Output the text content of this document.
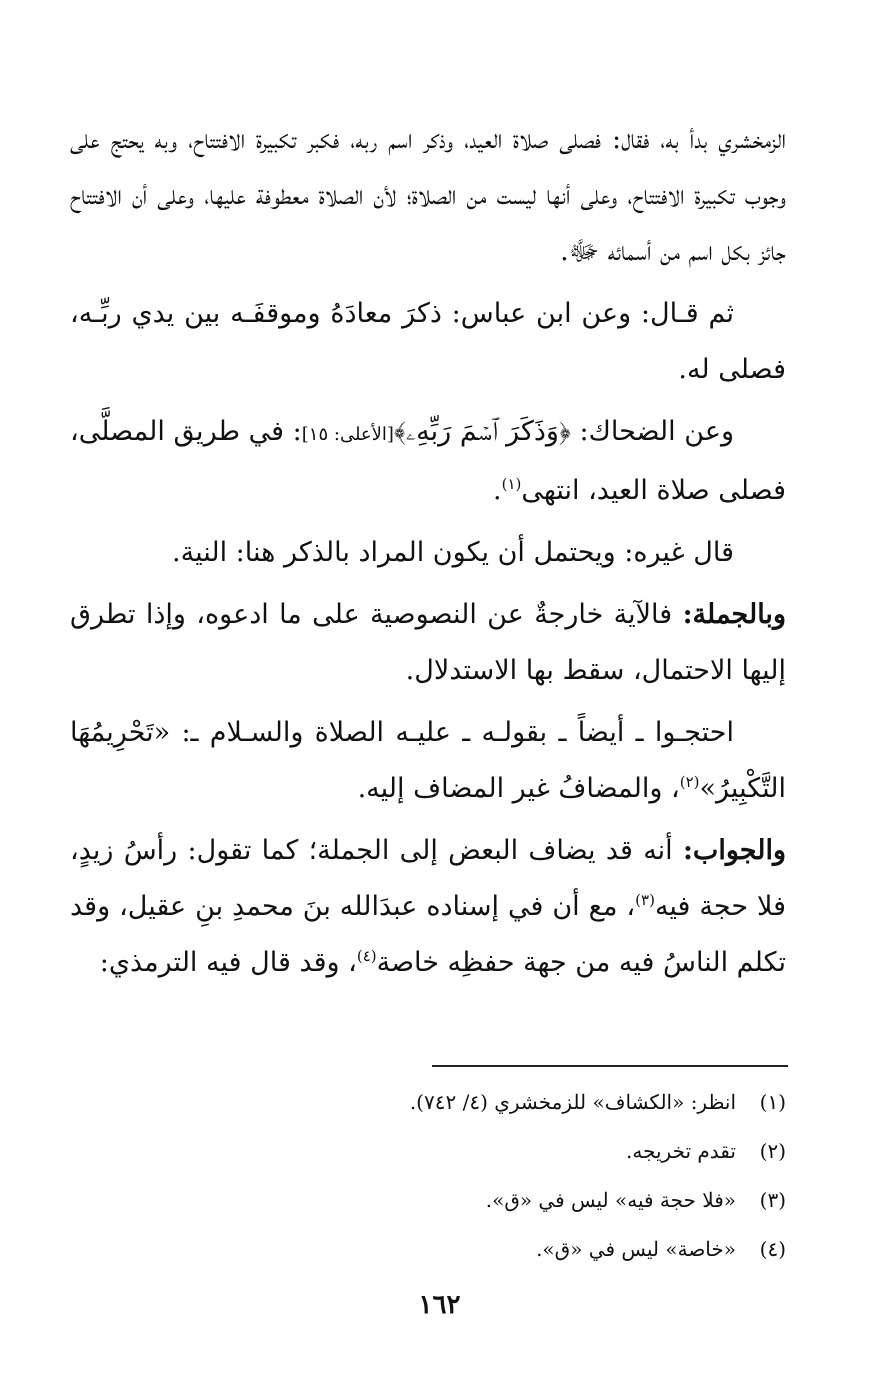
الزمخشري بدأ به، فقال: فصلى صلاة العيد، وذكر اسم ربه، فكبر تكبيرة الافتتاح، وبه يحتج على وجوب تكبيرة الافتتاح، وعلى أنها ليست من الصلاة؛ لأن الصلاة معطوفة عليها، وعلى أن الافتتاح جائز بكل اسم من أسمائه ﷻ.

ثم قـال: وعن ابن عباس: ذكرَ معادَهُ وموقفَـه بين يدي ربِّـه، فصلى له.

وعن الضحاك: ﴿وَذَكَرَ ٱسۡمَ رَبِّهِۦ﴾[الأعلى: ١٥]: في طريق المصلَّى، فصلى صلاة العيد، انتهى$^{(١)}$.

قال غيره: ويحتمل أن يكون المراد بالذكر هنا: النية.

وبالجملة: فالآية خارجةٌ عن النصوصية على ما ادعوه، وإذا تطرق إليها الاحتمال، سقط بها الاستدلال.

احتجـوا ـ أيضاً ـ بقولـه ـ عليـه الصلاة والسـلام ـ: «تَحْرِيمُهَا التَّكْبِيرُ»$^{(٢)}$، والمضافُ غير المضاف إليه.

والجواب: أنه قد يضاف البعض إلى الجملة؛ كما تقول: رأسُ زيدٍ، فلا حجة فيه$^{(٣)}$، مع أن في إسناده عبدَالله بنَ محمدِ بنِ عقيل، وقد تكلم الناسُ فيه من جهة حفظِه خاصة$^{(٤)}$، وقد قال فيه الترمذي:

(١)
انظر: «الكشاف» للزمخشري (٤/ ٧٤٢).
(٢)
تقدم تخريجه.
(٣)
«فلا حجة فيه» ليس في «ق».
(٤)
«خاصة» ليس في «ق».
١٦٢
